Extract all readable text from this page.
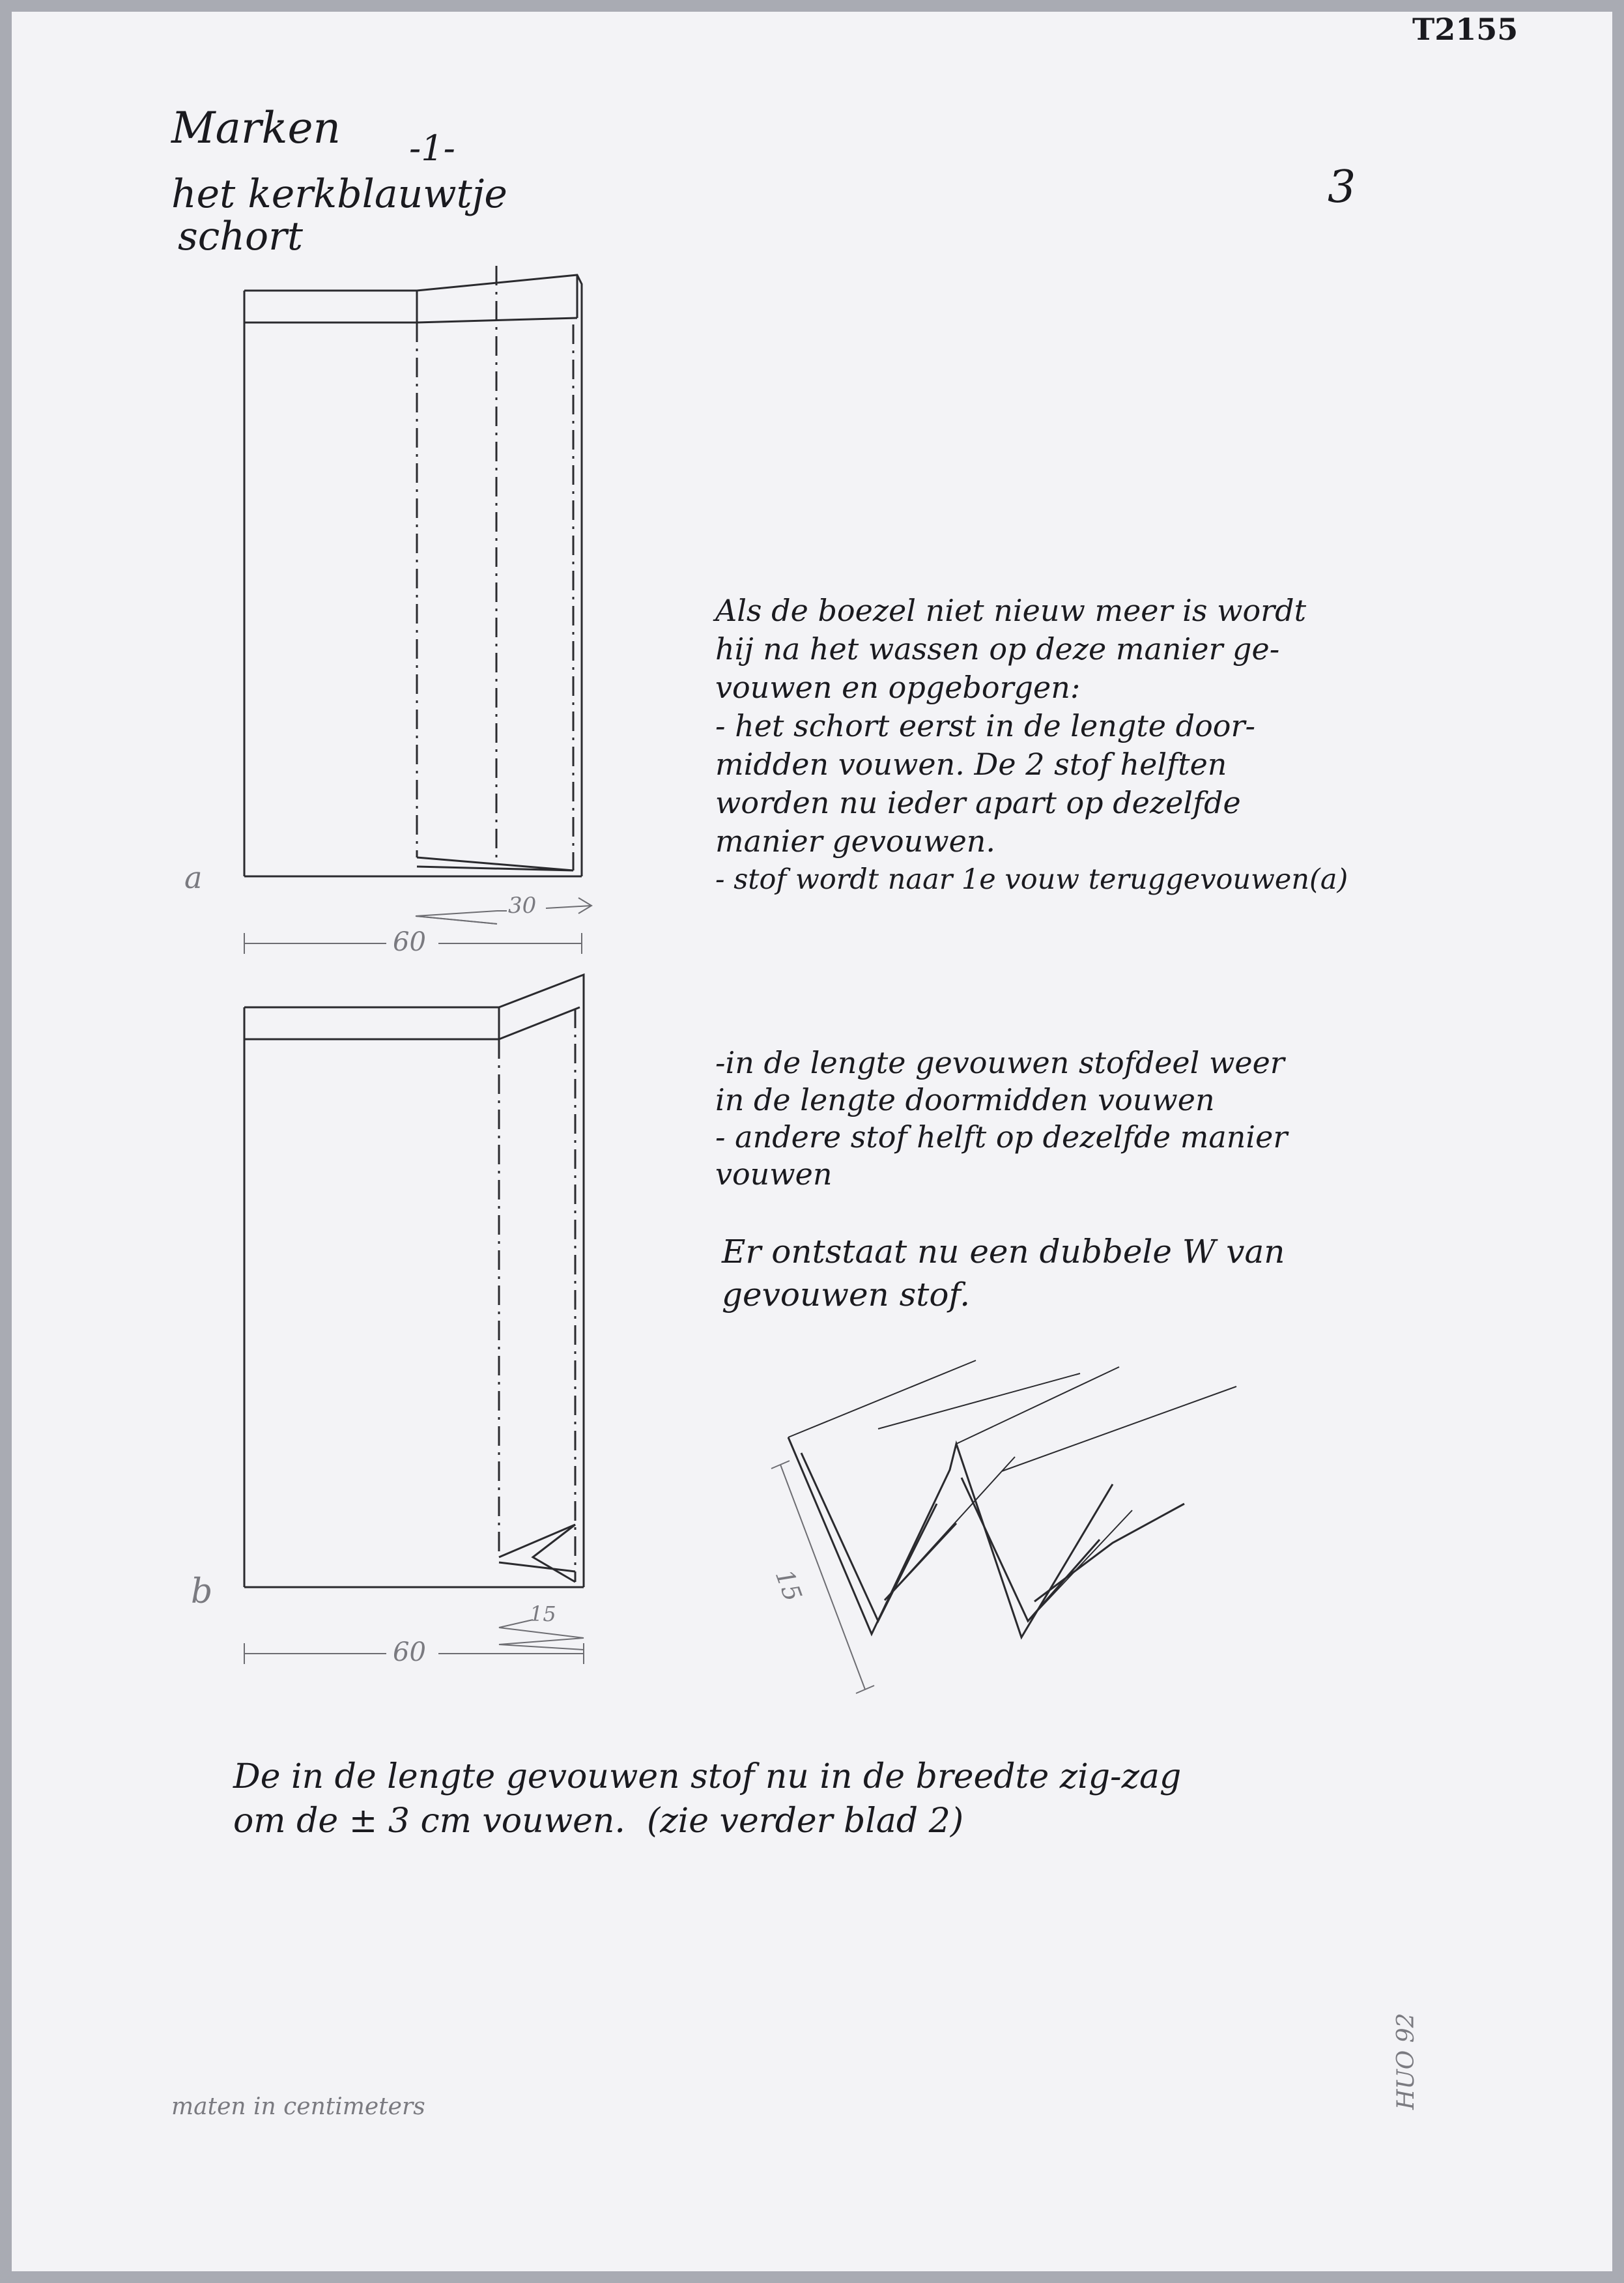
T2155

3

Marken -1-

het kerkblauwtje

schort

a

60

30

b

60

15

15

Als de boezel niet nieuw meer is wordt

hij na het wassen op deze manier ge-

vouwen en opgeborgen:

- het schort eerst in de lengte door-

midden vouwen. De 2 stof helften

worden nu ieder apart op dezelfde

manier gevouwen.

- stof wordt naar 1e vouw teruggevouwen(a)

-in de lengte gevouwen stofdeel weer

in de lengte doormidden vouwen

- andere stof helft op dezelfde manier

vouwen

Er ontstaat nu een dubbele W van

gevouwen stof.

De in de lengte gevouwen stof nu in de breedte zig-zag

om de ± 3 cm vouwen.  (zie verder blad 2)

maten in centimeters	HUO 92
